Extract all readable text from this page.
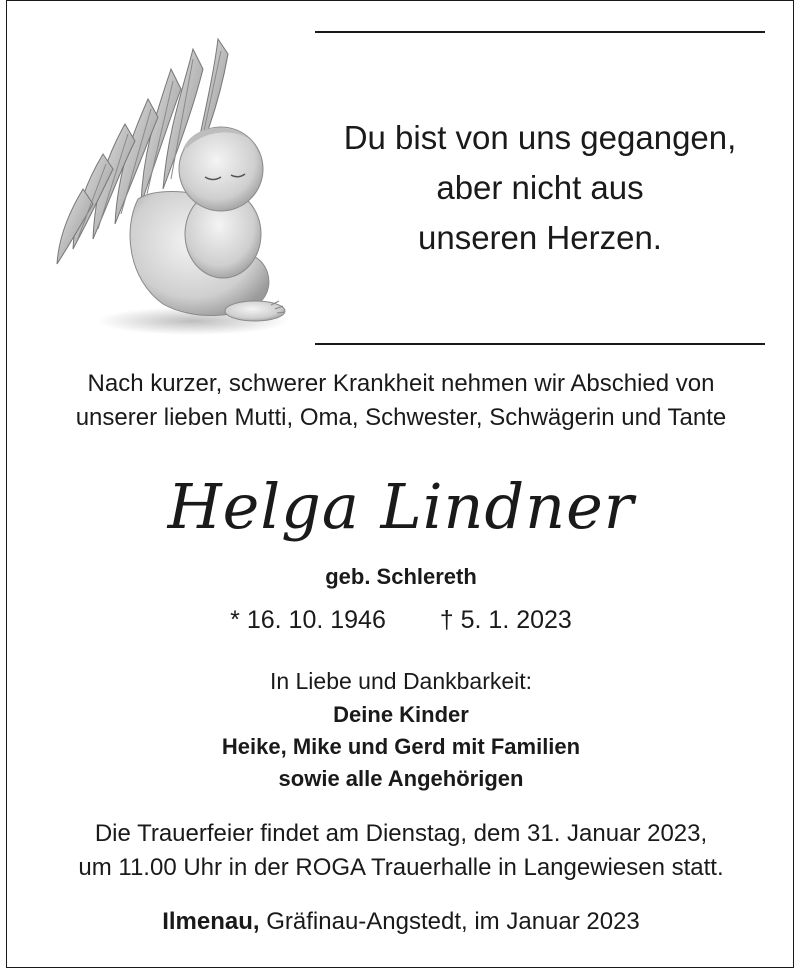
Du bist von uns gegangen,
aber nicht aus
unseren Herzen.
Nach kurzer, schwerer Krankheit nehmen wir Abschied von
unserer lieben Mutti, Oma, Schwester, Schwägerin und Tante
Helga Lindner
geb. Schlereth
* 16. 10. 1946 † 5. 1. 2023
In Liebe und Dankbarkeit:
Deine Kinder
Heike, Mike und Gerd mit Familien
sowie alle Angehörigen
Die Trauerfeier findet am Dienstag, dem 31. Januar 2023,
um 11.00 Uhr in der ROGA Trauerhalle in Langewiesen statt.
Ilmenau, Gräfinau-Angstedt, im Januar 2023
